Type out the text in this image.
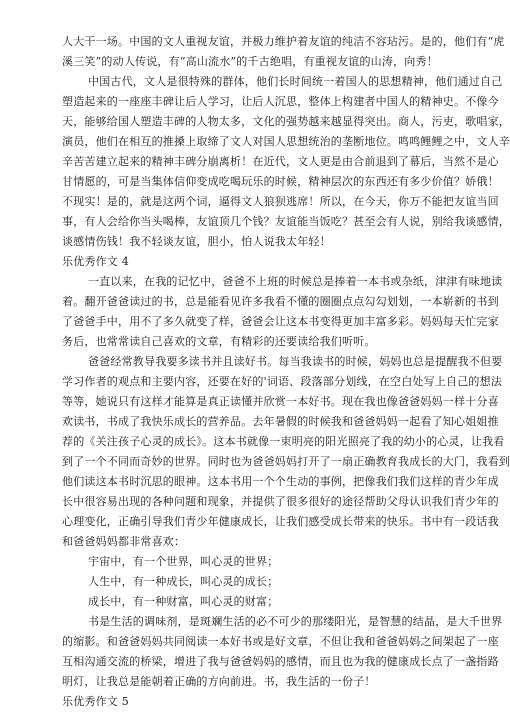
人大干一场。中国的文人重视友谊，并极力维护着友谊的纯洁不容玷污。是的，他们有“虎
溪三笑”的动人传说，有“高山流水”的千古绝唱，有重视友谊的山涛，向秀！
中国古代，文人是很特殊的群体，他们长时间统一着国人的思想精神，他们通过自己
塑造起来的一座座丰碑让后人学习，让后人沉思，整体上构建者中国人的精神史。不像今
天，能够给国人塑造丰碑的人物太多，文化的强势越来越显得突出。商人，污吏，歌唱家，
演员，他们在相互的推搡上取缔了文人对国人思想统治的垄断地位。鸣鸣鲤鲤之中，文人辛
辛苦苦建立起来的精神丰碑分崩离析！在近代，文人更是由合前退到了幕后，当然不是心
甘情愿的，可是当集体信仰变成吃喝玩乐的时候，精神层次的东西还有多少价值？娇俄！
不现实！是的，就是这两个词，逼得文人狼狈逃席！所以，在今天，你万不能把友谊当回
事，有人会给你当头喝棒，友谊顶几个钱？友谊能当饭吃？甚至会有人说，别给我谈感情，
谈感情伤钱！我不轻谈友谊，胆小，怕人说我太年轻！
乐优秀作文 4
一直以来，在我的记忆中，爸爸不上班的时候总是捧着一本书或杂纸，津津有味地读
着。翻开爸爸读过的书，总是能看见许多我看不懂的圈圈点点勾勾划划，一本崭新的书到
了爸爸手中，用不了多久就变了样，爸爸会让这本书变得更加丰富多彩。妈妈每天忙完家
务后，也常常读自己喜欢的文章，有精彩的还要读给我们听听。
爸爸经常教导我要多读书并且读好书。每当我读书的时候，妈妈也总是提醒我不但要
学习作者的观点和主要内容，还要在好的'词语、段落部分划线，在空白处写上自己的想法
等等，她说只有这样才能算是真正读懂并欣赏一本好书。现在我也像爸爸妈妈一样十分喜
欢读书，书成了我快乐成长的营养品。去年暑假的时候我和爸爸妈妈一起看了知心姐姐推
荐的《关注孩子心灵的成长》。这本书就像一束明亮的阳光照亮了我的幼小的心灵，让我看
到了一个不同而奇妙的世界。同时也为爸爸妈妈打开了一扇正确教育我成长的大门，我看到
他们读这本书时沉思的眼神。这本书用一个个生动的事例，把像我们我们这样的青少年成
长中很容易出现的各种问题和现象，并提供了很多很好的途径帮助父母认识我们青少年的
心理变化，正确引导我们青少年健康成长，让我们感受成长带来的快乐。书中有一段话我
和爸爸妈妈都非常喜欢：
宇宙中，有一个世界，叫心灵的世界；
人生中，有一种成长，叫心灵的成长；
成长中，有一种财富，叫心灵的财富；
书是生活的调味剂，是斑斓生活的必不可少的那缕阳光，是智慧的结晶，是大千世界
的缩影。和爸爸妈妈共同阅读一本好书或是好文章，不但让我和爸爸妈妈之间架起了一座
互相沟通交流的桥梁，增进了我与爸爸妈妈的感情，而且也为我的健康成长点了一盏指路
明灯，让我总是能朝着正确的方向前进。书，我生活的一份子！
乐优秀作文 5
